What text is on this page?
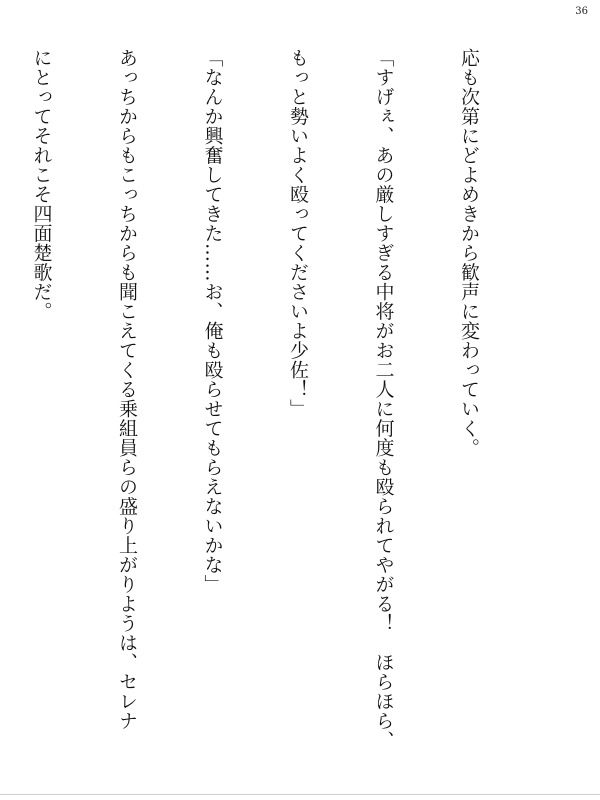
36

応も次第にどよめきから歓声に変わっていく。

「すげぇ、あの厳しすぎる中将がお二人に何度も殴られてやがる！　ほらほら、

もっと勢いよく殴ってくださいよ少佐！」

「なんか興奮してきた……お、俺も殴らせてもらえないかな」

あっちからもこっちからも聞こえてくる乗組員らの盛り上がりようは、セレナ

にとってそれこそ四面楚歌だ。
